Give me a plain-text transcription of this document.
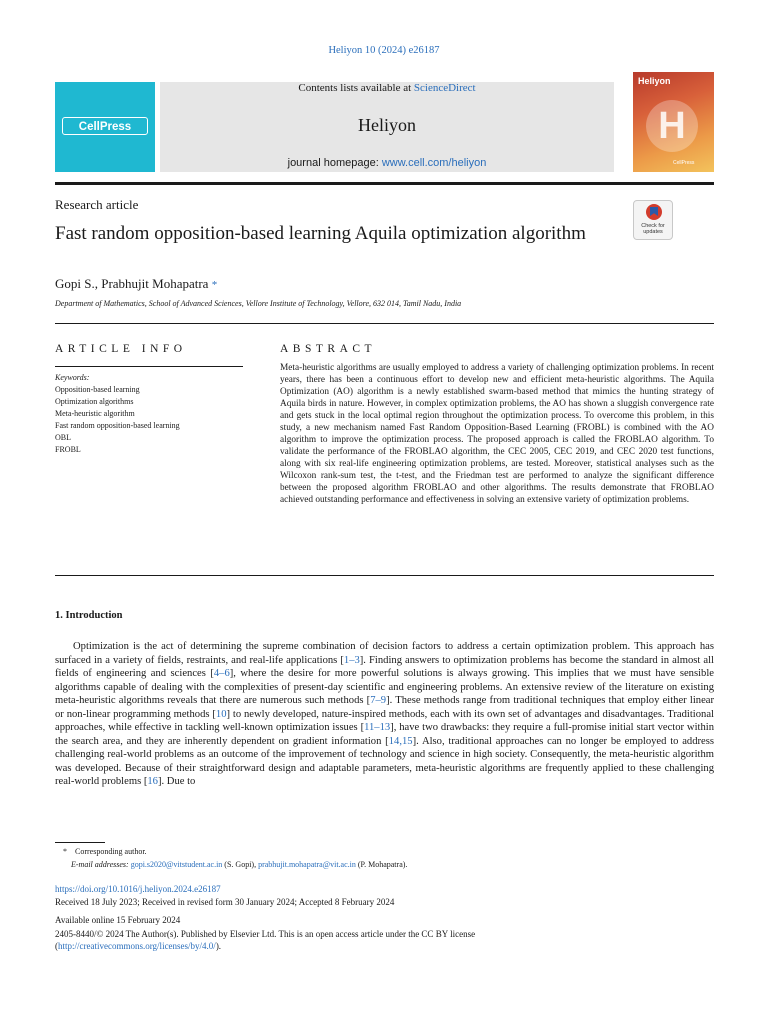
Heliyon 10 (2024) e26187
CellPress
Contents lists available at ScienceDirect
Heliyon
journal homepage: www.cell.com/heliyon
Heliyon
H
CellPress
Research article
Check for updates
Fast random opposition-based learning Aquila optimization algorithm
Gopi S., Prabhujit Mohapatra *
Department of Mathematics, School of Advanced Sciences, Vellore Institute of Technology, Vellore, 632 014, Tamil Nadu, India
ARTICLE INFO
Keywords:
Opposition-based learning
Optimization algorithms
Meta-heuristic algorithm
Fast random opposition-based learning
OBL
FROBL
ABSTRACT
Meta-heuristic algorithms are usually employed to address a variety of challenging optimization problems. In recent years, there has been a continuous effort to develop new and efficient meta-heuristic algorithms. The Aquila Optimization (AO) algorithm is a newly established swarm-based method that mimics the hunting strategy of Aquila birds in nature. However, in complex optimization problems, the AO has shown a sluggish convergence rate and gets stuck in the local optimal region throughout the optimization process. To overcome this problem, in this study, a new mechanism named Fast Random Opposition-Based Learning (FROBL) is combined with the AO algorithm to improve the optimization process. The proposed approach is called the FROBLAO algorithm. To validate the performance of the FROBLAO algorithm, the CEC 2005, CEC 2019, and CEC 2020 test functions, along with six real-life engineering optimization problems, are tested. Moreover, statistical analyses such as the Wilcoxon rank-sum test, the t-test, and the Friedman test are performed to analyze the significant difference between the proposed algorithm FROBLAO and other algorithms. The results demonstrate that FROBLAO achieved outstanding performance and effectiveness in solving an extensive variety of optimization problems.
1. Introduction
Optimization is the act of determining the supreme combination of decision factors to address a certain optimization problem. This approach has surfaced in a variety of fields, restraints, and real-life applications [1–3]. Finding answers to optimization problems has become the standard in almost all fields of engineering and sciences [4–6], where the desire for more powerful solutions is always growing. This implies that we must have sensible algorithms capable of dealing with the complexities of present-day scientific and engineering problems. An extensive review of the literature on existing meta-heuristic algorithms reveals that there are numerous such methods [7–9]. These methods range from traditional techniques that employ either linear or non-linear programming methods [10] to newly developed, nature-inspired methods, each with its own set of advantages and disadvantages. Traditional approaches, while effective in tackling well-known optimization issues [11–13], have two drawbacks: they require a full-promise initial start vector within the search area, and they are inherently dependent on gradient information [14,15]. Also, traditional approaches can no longer be employed to address challenging real-world problems as an outcome of the improvement of technology and science in high society. Consequently, the meta-heuristic algorithm was developed. Because of their straightforward design and adaptable parameters, meta-heuristic algorithms are frequently applied to these challenging real-world problems [16]. Due to
* Corresponding author.
E-mail addresses: gopi.s2020@vitstudent.ac.in (S. Gopi), prabhujit.mohapatra@vit.ac.in (P. Mohapatra).
https://doi.org/10.1016/j.heliyon.2024.e26187
Received 18 July 2023; Received in revised form 30 January 2024; Accepted 8 February 2024
Available online 15 February 2024
2405-8440/© 2024 The Author(s). Published by Elsevier Ltd. This is an open access article under the CC BY license
(http://creativecommons.org/licenses/by/4.0/).
